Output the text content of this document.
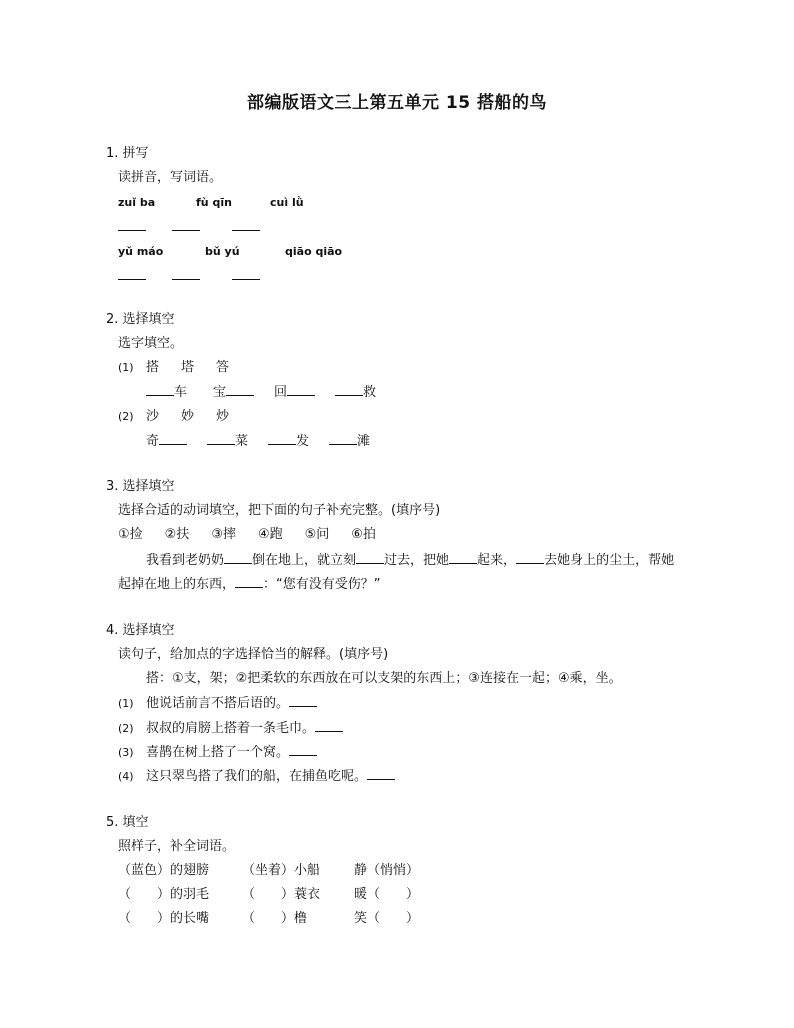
部编版语文三上第五单元 15 搭船的鸟
1. 拼写
读拼音，写词语。
zuǐ ba	fù qīn	cuì lǜ
yǔ máo	bǔ yú	qiāo qiāo
2. 选择填空
选字填空。
(1) 搭 塔 答
车 宝	回	救
(2) 沙 妙 炒
奇	菜	发	滩
3. 选择填空
选择合适的动词填空，把下面的句子补充完整。(填序号)
①捡 ②扶 ③摔 ④跑 ⑤问 ⑥拍
我看到老奶奶 倒在地上，就立刻 过去，把她 起来， 去她身上的尘土，帮她
起掉在地上的东西， ：“您有没有受伤？”
4. 选择填空
读句子，给加点的字选择恰当的解释。(填序号)
搭：①支，架；②把柔软的东西放在可以支架的东西上；③连接在一起；④乘，坐。
(1) 他说话前言不搭后语的。
(2) 叔叔的肩膀上搭着一条毛巾。
(3) 喜鹊在树上搭了一个窝。
(4) 这只翠鸟搭了我们的船，在捕鱼吃呢。
5. 填空
照样子，补全词语。
（蓝色）的翅膀	（坐着）小船	静（悄悄）
（　　）的羽毛	（　　）蓑衣	暖（　　）
（　　）的长嘴	（　　）橹	笑（　　）
